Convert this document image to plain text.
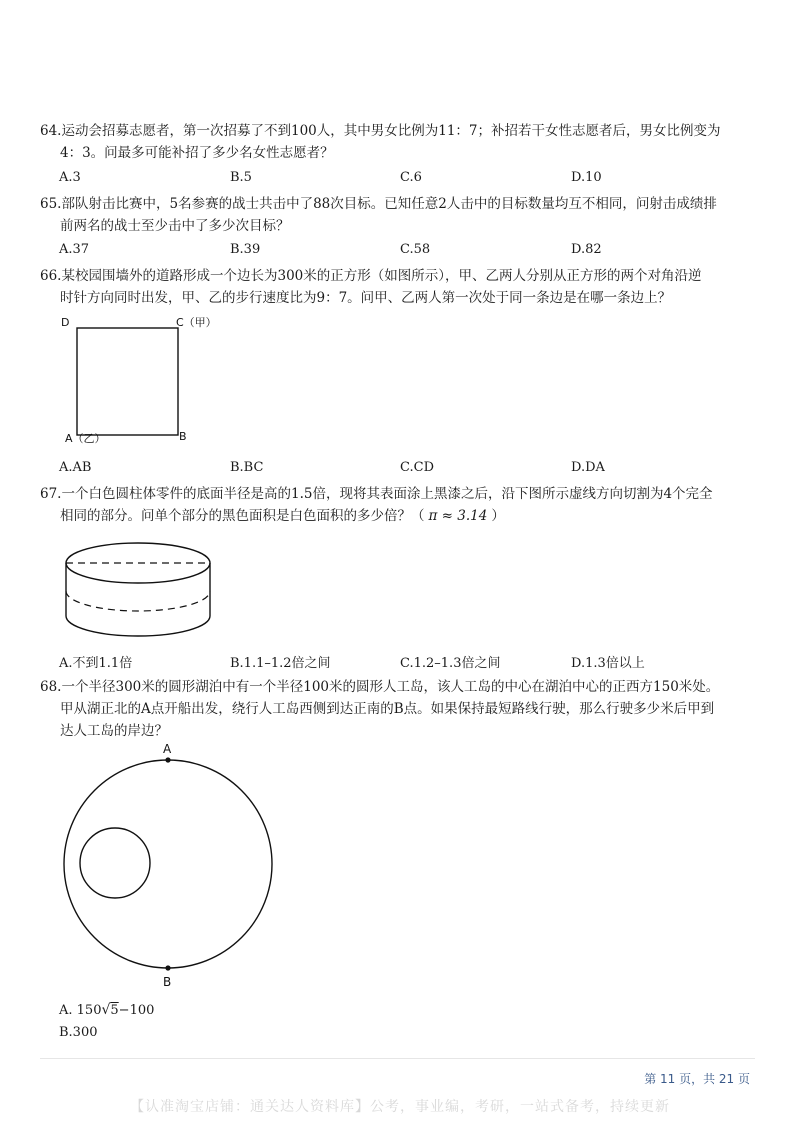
64.运动会招募志愿者，第一次招募了不到100人，其中男女比例为11：7；补招若干女性志愿者后，男女比例变为
4：3。问最多可能补招了多少名女性志愿者？
A.3	B.5	C.6	D.10
65.部队射击比赛中，5名参赛的战士共击中了88次目标。已知任意2人击中的目标数量均互不相同，问射击成绩排
前两名的战士至少击中了多少次目标？
A.37	B.39	C.58	D.82
66.某校园围墙外的道路形成一个边长为300米的正方形（如图所示），甲、乙两人分别从正方形的两个对角沿逆
时针方向同时出发，甲、乙的步行速度比为9：7。问甲、乙两人第一次处于同一条边是在哪一条边上？
D	C（甲）
A（乙）	B
A.AB	B.BC	C.CD	D.DA
67.一个白色圆柱体零件的底面半径是高的1.5倍，现将其表面涂上黑漆之后，沿下图所示虚线方向切割为4个完全
相同的部分。问单个部分的黑色面积是白色面积的多少倍？（ π ≈ 3.14 ）
A.不到1.1倍	B.1.1–1.2倍之间	C.1.2–1.3倍之间	D.1.3倍以上
68.一个半径300米的圆形湖泊中有一个半径100米的圆形人工岛，该人工岛的中心在湖泊中心的正西方150米处。
甲从湖正北的A点开船出发，绕行人工岛西侧到达正南的B点。如果保持最短路线行驶，那么行驶多少米后甲到
达人工岛的岸边？
A
B
A. 150√5−100
B.300
第 11 页，共 21 页
【认准淘宝店铺：通关达人资料库】公考，事业编，考研，一站式备考，持续更新
